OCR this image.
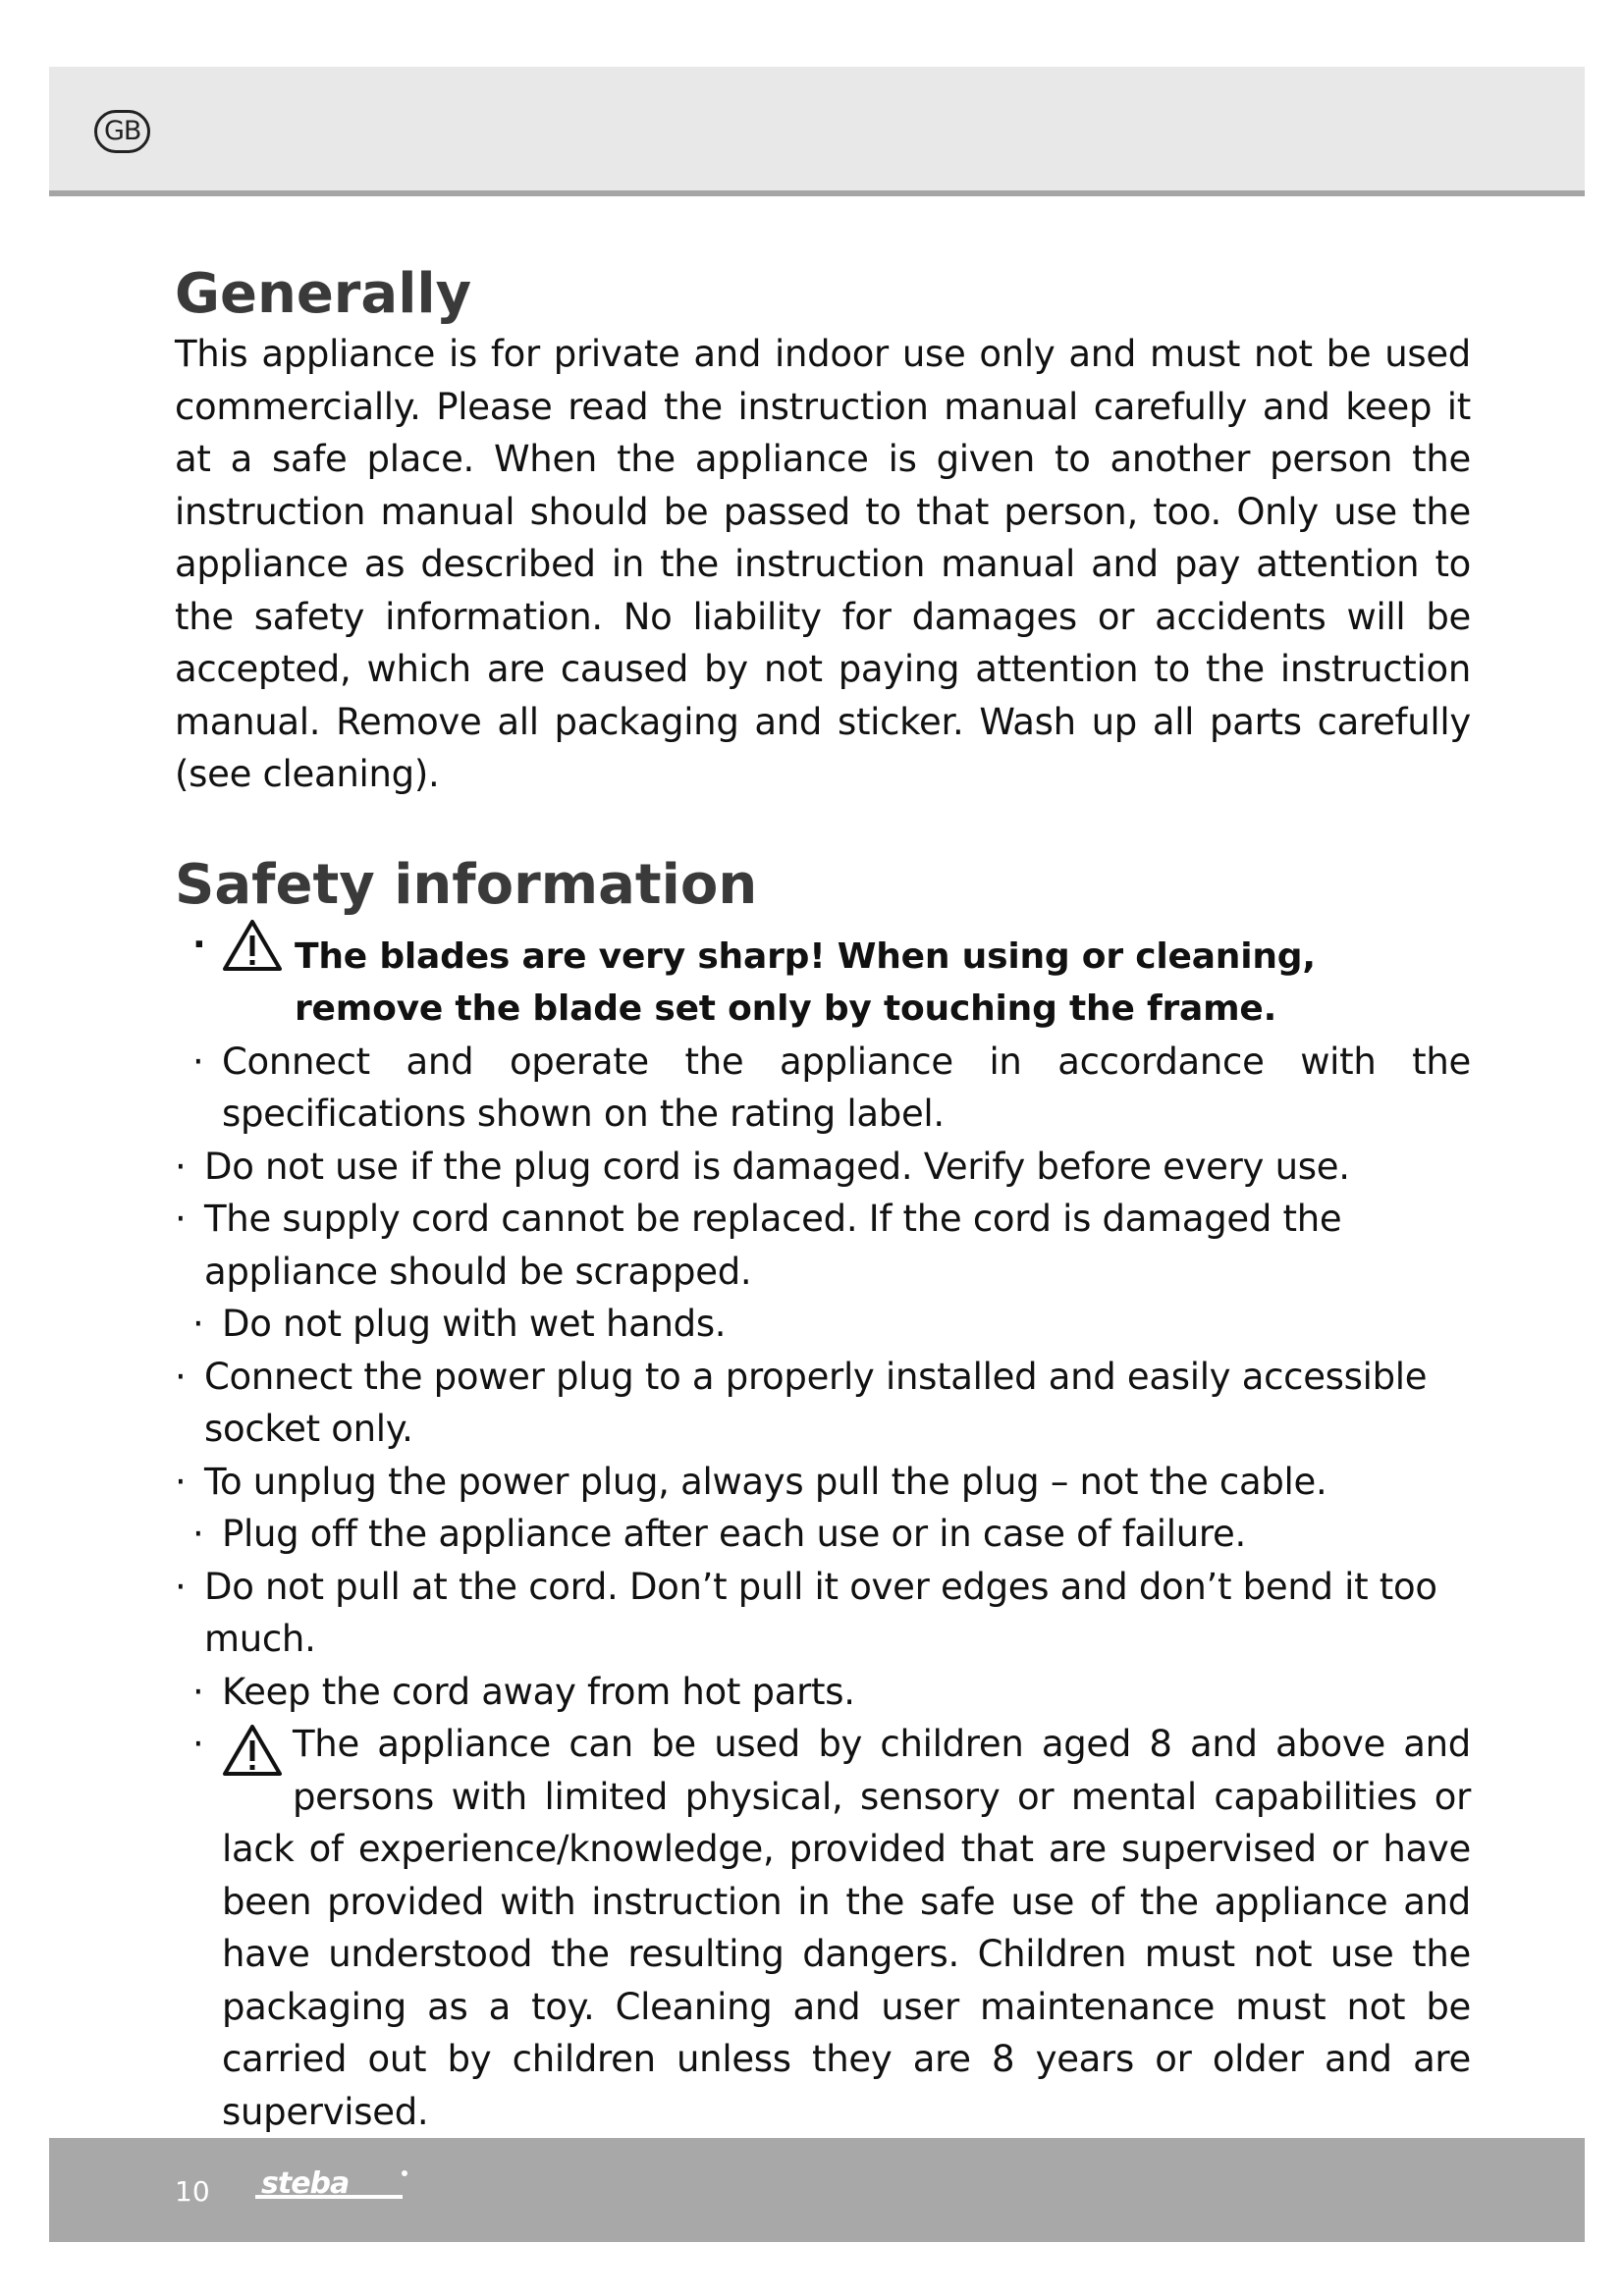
GB
Generally

This appliance is for private and indoor use only and must not be used commercially. Please read the instruction manual carefully and keep it at a safe place. When the appliance is given to another person the instruction manual should be passed to that person, too. Only use the appliance as described in the instruction manual and pay attention to the safety information. No liability for damages or accidents will be accepted, which are caused by not paying attention to the instruction manual. Remove all packaging and sticker. Wash up all parts carefully (see cleaning).

Safety information
·	The blades are very sharp! When using or cleaning,
remove the blade set only by touching the frame.
· Connect and operate the appliance in accordance with the specifications shown on the rating label.
· Do not use if the plug cord is damaged. Verify before every use.
· The supply cord cannot be replaced. If the cord is damaged the appliance should be scrapped.
· Do not plug with wet hands.
· Connect the power plug to a properly installed and easily accessible socket only.
· To unplug the power plug, always pull the plug – not the cable.
· Plug off the appliance after each use or in case of failure.
· Do not pull at the cord. Don’t pull it over edges and don’t bend it too much.
· Keep the cord away from hot parts.
· The appliance can be used by children aged 8 and above and persons with limited physical, sensory or mental capabilities or lack of experience/knowledge, provided that are supervised or have been provided with instruction in the safe use of the appliance and have understood the resulting dangers. Children must not use the packaging as a toy. Cleaning and user maintenance must not be carried out by children unless they are 8 years or older and are supervised.
10 steba
